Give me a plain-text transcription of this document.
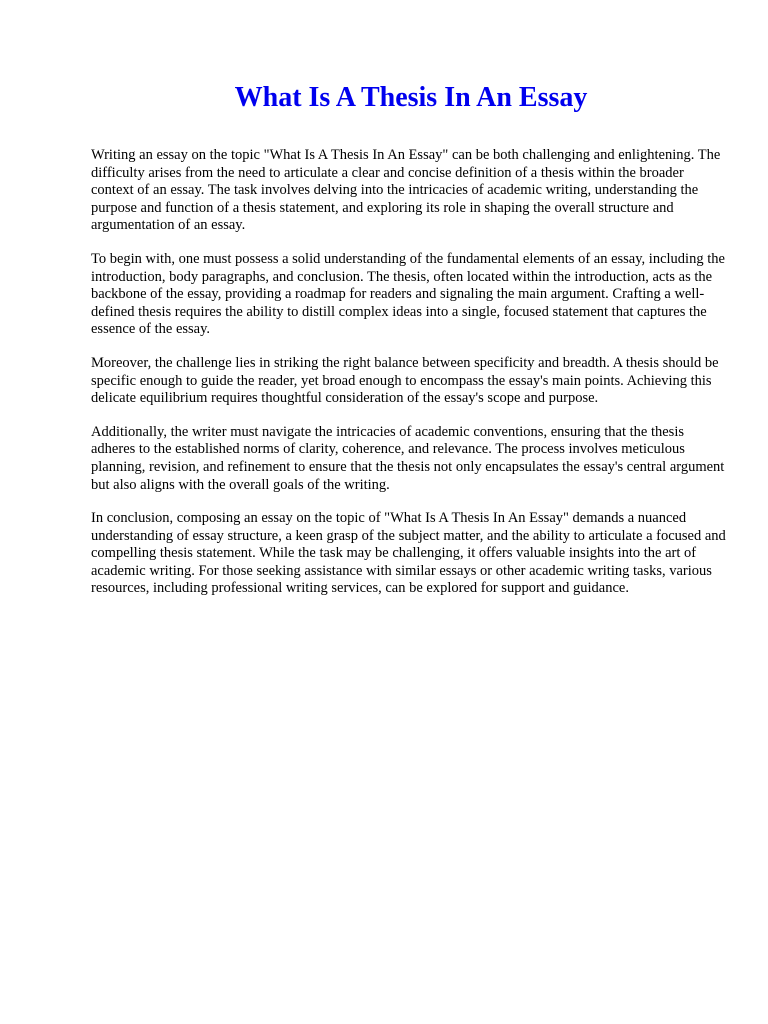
What Is A Thesis In An Essay

Writing an essay on the topic "What Is A Thesis In An Essay" can be both challenging and enlightening. The difficulty arises from the need to articulate a clear and concise definition of a thesis within the broader context of an essay. The task involves delving into the intricacies of academic writing, understanding the purpose and function of a thesis statement, and exploring its role in shaping the overall structure and argumentation of an essay.

To begin with, one must possess a solid understanding of the fundamental elements of an essay, including the introduction, body paragraphs, and conclusion. The thesis, often located within the introduction, acts as the backbone of the essay, providing a roadmap for readers and signaling the main argument. Crafting a well-defined thesis requires the ability to distill complex ideas into a single, focused statement that captures the essence of the essay.

Moreover, the challenge lies in striking the right balance between specificity and breadth. A thesis should be specific enough to guide the reader, yet broad enough to encompass the essay's main points. Achieving this delicate equilibrium requires thoughtful consideration of the essay's scope and purpose.

Additionally, the writer must navigate the intricacies of academic conventions, ensuring that the thesis adheres to the established norms of clarity, coherence, and relevance. The process involves meticulous planning, revision, and refinement to ensure that the thesis not only encapsulates the essay's central argument but also aligns with the overall goals of the writing.

In conclusion, composing an essay on the topic of "What Is A Thesis In An Essay" demands a nuanced understanding of essay structure, a keen grasp of the subject matter, and the ability to articulate a focused and compelling thesis statement. While the task may be challenging, it offers valuable insights into the art of academic writing. For those seeking assistance with similar essays or other academic writing tasks, various resources, including professional writing services, can be explored for support and guidance.
